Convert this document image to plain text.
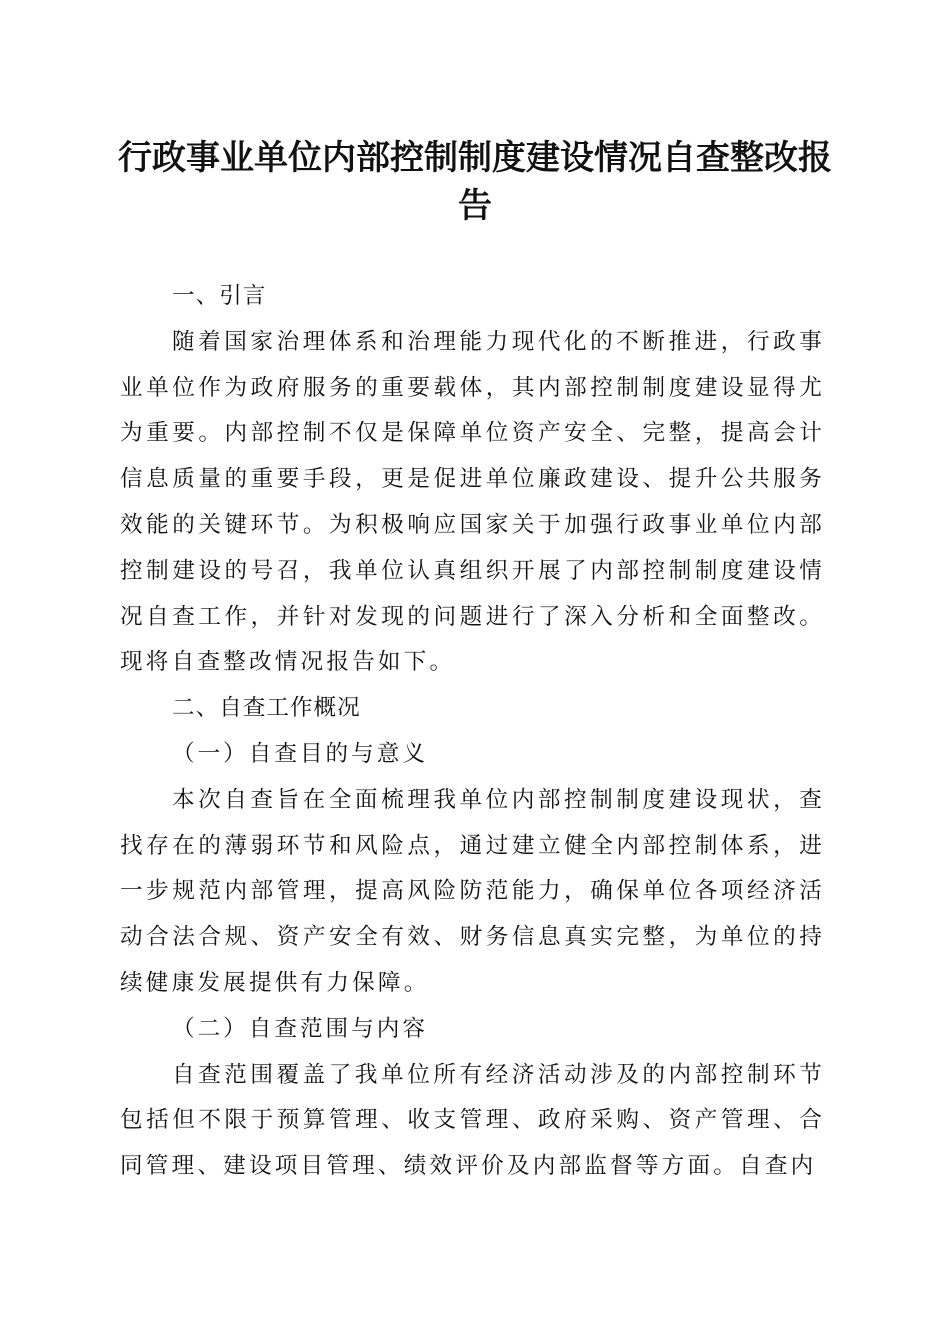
行政事业单位内部控制制度建设情况自查整改报告
一、引言

随着国家治理体系和治理能力现代化的不断推进，行政事业单位作为政府服务的重要载体，其内部控制制度建设显得尤为重要。内部控制不仅是保障单位资产安全、完整，提高会计信息质量的重要手段，更是促进单位廉政建设、提升公共服务效能的关键环节。为积极响应国家关于加强行政事业单位内部控制建设的号召，我单位认真组织开展了内部控制制度建设情况自查工作，并针对发现的问题进行了深入分析和全面整改。现将自查整改情况报告如下。

二、自查工作概况
（一）自查目的与意义

本次自查旨在全面梳理我单位内部控制制度建设现状，查找存在的薄弱环节和风险点，通过建立健全内部控制体系，进一步规范内部管理，提高风险防范能力，确保单位各项经济活动合法合规、资产安全有效、财务信息真实完整，为单位的持续健康发展提供有力保障。

（二）自查范围与内容

自查范围覆盖了我单位所有经济活动涉及的内部控制环节包括但不限于预算管理、收支管理、政府采购、资产管理、合同管理、建设项目管理、绩效评价及内部监督等方面。自查内
